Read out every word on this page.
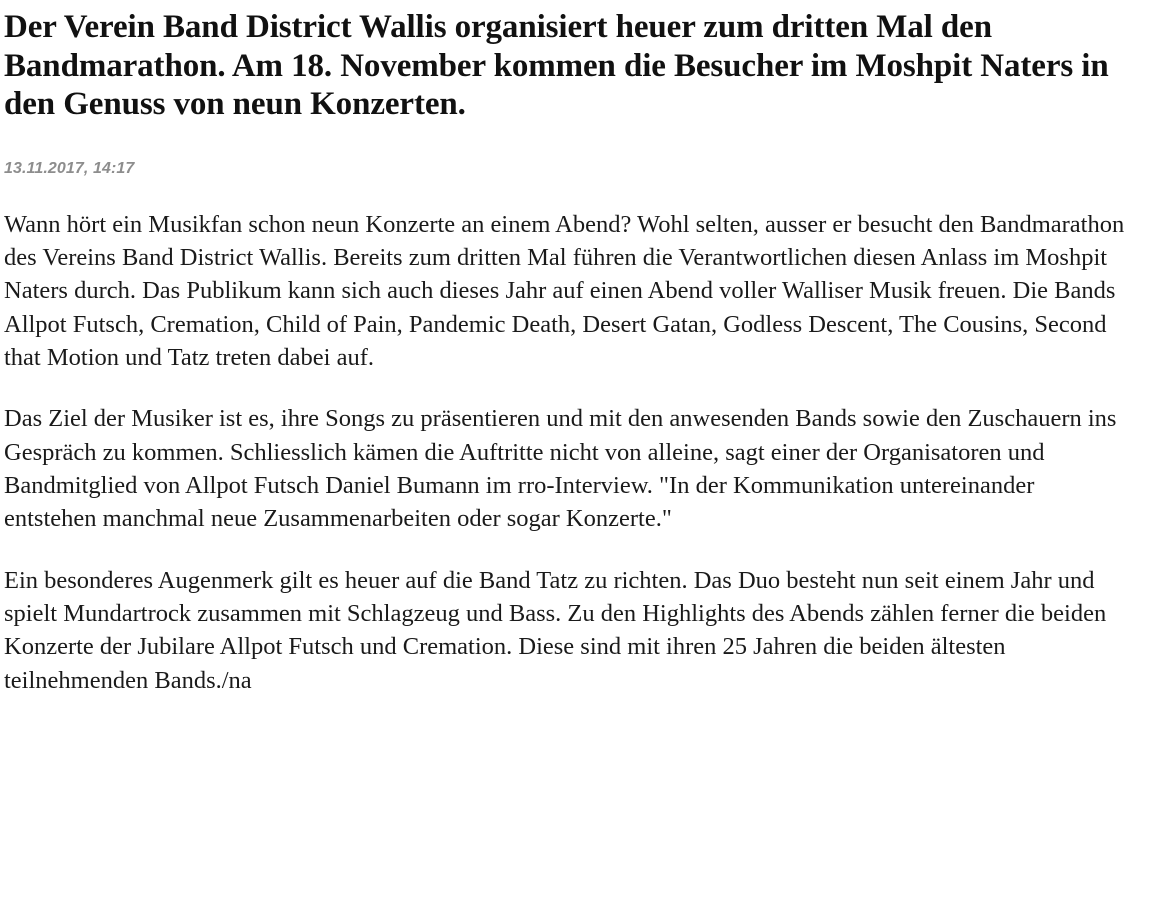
Der Verein Band District Wallis organisiert heuer zum dritten Mal den Bandmarathon. Am 18. November kommen die Besucher im Moshpit Naters in den Genuss von neun Konzerten.
13.11.2017, 14:17

Wann hört ein Musikfan schon neun Konzerte an einem Abend? Wohl selten, ausser er besucht den Bandmarathon des Vereins Band District Wallis. Bereits zum dritten Mal führen die Verantwortlichen diesen Anlass im Moshpit Naters durch. Das Publikum kann sich auch dieses Jahr auf einen Abend voller Walliser Musik freuen. Die Bands Allpot Futsch, Cremation, Child of Pain, Pandemic Death, Desert Gatan, Godless Descent, The Cousins, Second that Motion und Tatz treten dabei auf.

Das Ziel der Musiker ist es, ihre Songs zu präsentieren und mit den anwesenden Bands sowie den Zuschauern ins Gespräch zu kommen. Schliesslich kämen die Auftritte nicht von alleine, sagt einer der Organisatoren und Bandmitglied von Allpot Futsch Daniel Bumann im rro-Interview. "In der Kommunikation untereinander entstehen manchmal neue Zusammenarbeiten oder sogar Konzerte."

Ein besonderes Augenmerk gilt es heuer auf die Band Tatz zu richten. Das Duo besteht nun seit einem Jahr und spielt Mundartrock zusammen mit Schlagzeug und Bass. Zu den Highlights des Abends zählen ferner die beiden Konzerte der Jubilare Allpot Futsch und Cremation. Diese sind mit ihren 25 Jahren die beiden ältesten teilnehmenden Bands./na
